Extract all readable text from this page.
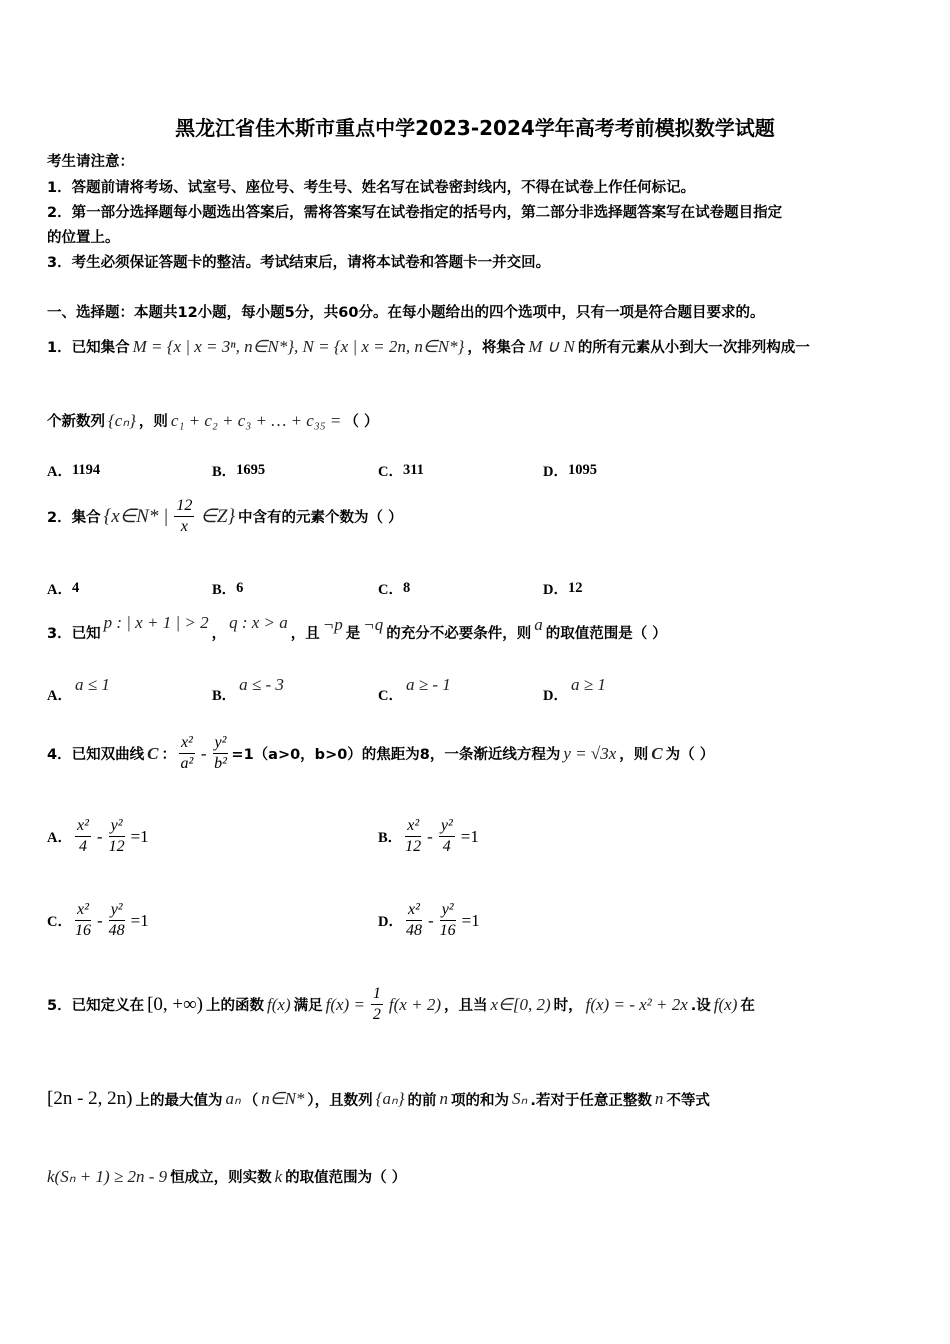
黑龙江省佳木斯市重点中学2023-2024学年高考考前模拟数学试题
考生请注意：
1．答题前请将考场、试室号、座位号、考生号、姓名写在试卷密封线内，不得在试卷上作任何标记。
2．第一部分选择题每小题选出答案后，需将答案写在试卷指定的括号内，第二部分非选择题答案写在试卷题目指定
的位置上。
3．考生必须保证答题卡的整洁。考试结束后，请将本试卷和答题卡一并交回。
一、选择题：本题共12小题，每小题5分，共60分。在每小题给出的四个选项中，只有一项是符合题目要求的。
1．已知集合 M = {x | x = 3ⁿ, n∈N*}, N = {x | x = 2n, n∈N*} ，将集合 M ∪ N 的所有元素从小到大一次排列构成一
个新数列 {cₙ} ，则 c₁ + c₂ + c₃ + … + c₃₅ = （ ）
A． 1194	B． 1695	C． 311	D． 1095
2．集合 {x∈N* | $\frac{12}{x}$ ∈Z} 中含有的元素个数为（ ）
A． 4	B． 6	C． 8	D． 12
3．已知
p : | x + 1 | > 2
，
q : x > a
，且
¬p
是
¬q
的充分不必要条件，则
a
的取值范围是（ ）
A．
a ≤ 1
B．
a ≤ - 3
C．
a ≥ - 1
D．
a ≥ 1
4．已知双曲线 C ： $\frac{\text{x²}}{\text{a²}} - \frac{\text{y²}}{\text{b²}} =1(a>0$，b>0）的焦距为8，一条渐近线方程为 y = √3x ，则 C 为（ ）
A． $\frac{\text{x²}}{4} - \frac{\text{y²}}{12} =1$	B． $\frac{\text{x²}}{12} - \frac{\text{y²}}{4} =1$
C． $\frac{\text{x²}}{16} - \frac{\text{y²}}{48} =1$	D． $\frac{\text{x²}}{48} - \frac{\text{y²}}{16} =1$
5．已知定义在 [0, +∞) 上的函数 f(x) 满足 $f(x) = \frac{1}{2} f(x + 2)$ ，且当 x∈[0, 2) 时， f(x) = - x² + 2x .设 f(x) 在
[2n - 2, 2n) 上的最大值为 aₙ （ n∈N* ），且数列 {aₙ} 的前 n 项的和为 Sₙ .若对于任意正整数 n 不等式
k(Sₙ + 1) ≥ 2n - 9 恒成立，则实数 k 的取值范围为（ ）
